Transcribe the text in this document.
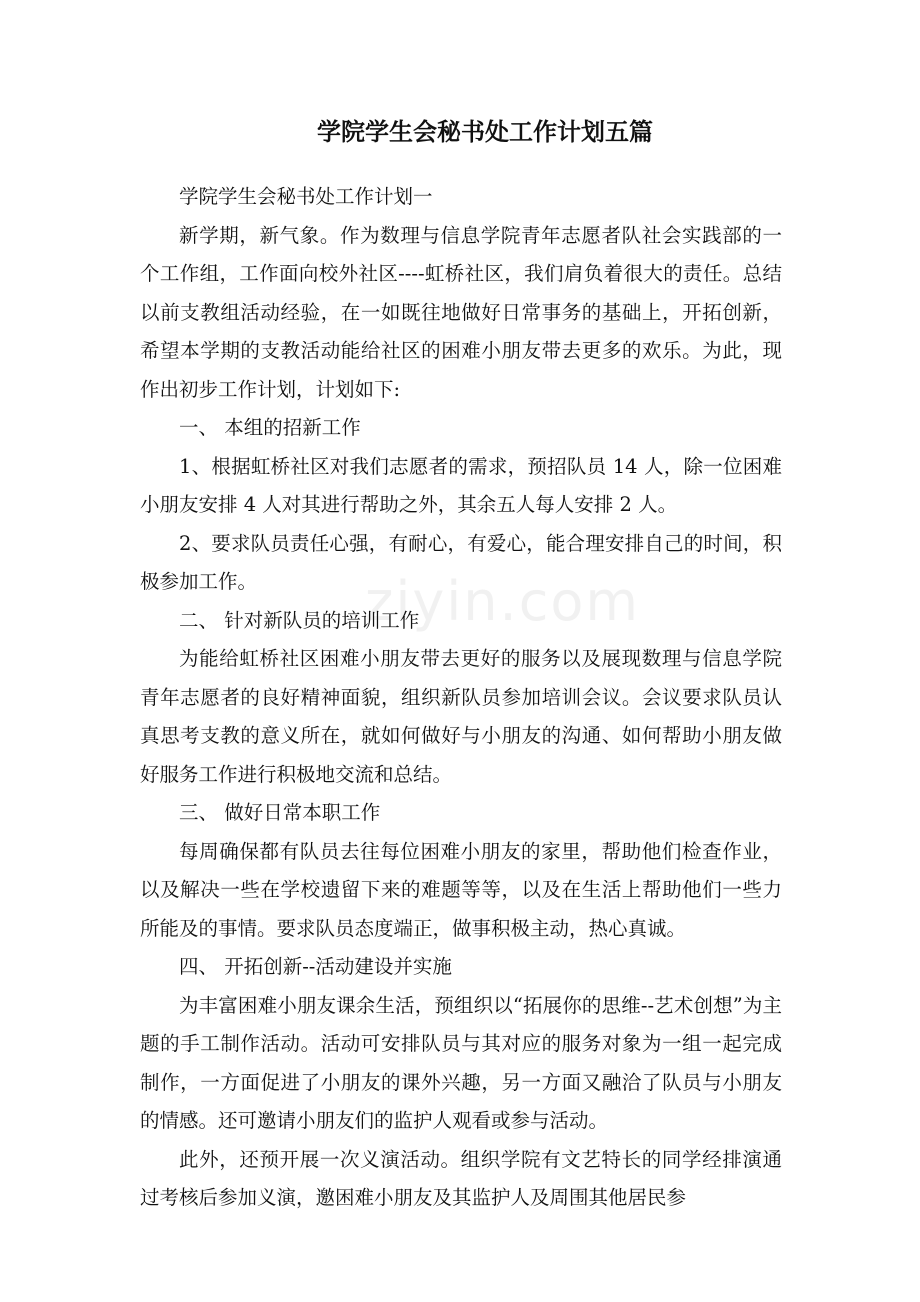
ziyin.com
学院学生会秘书处工作计划五篇

学院学生会秘书处工作计划一

新学期，新气象。作为数理与信息学院青年志愿者队社会实践部的一个工作组，工作面向校外社区----虹桥社区，我们肩负着很大的责任。总结以前支教组活动经验，在一如既往地做好日常事务的基础上，开拓创新，希望本学期的支教活动能给社区的困难小朋友带去更多的欢乐。为此，现作出初步工作计划，计划如下:

一、 本组的招新工作

1、根据虹桥社区对我们志愿者的需求，预招队员 14 人，除一位困难小朋友安排 4 人对其进行帮助之外，其余五人每人安排 2 人。

2、要求队员责任心强，有耐心，有爱心，能合理安排自己的时间，积极参加工作。

二、 针对新队员的培训工作

为能给虹桥社区困难小朋友带去更好的服务以及展现数理与信息学院青年志愿者的良好精神面貌，组织新队员参加培训会议。会议要求队员认真思考支教的意义所在，就如何做好与小朋友的沟通、如何帮助小朋友做好服务工作进行积极地交流和总结。

三、 做好日常本职工作

每周确保都有队员去往每位困难小朋友的家里，帮助他们检查作业，以及解决一些在学校遗留下来的难题等等，以及在生活上帮助他们一些力所能及的事情。要求队员态度端正，做事积极主动，热心真诚。

四、 开拓创新--活动建设并实施

为丰富困难小朋友课余生活，预组织以“拓展你的思维--艺术创想”为主题的手工制作活动。活动可安排队员与其对应的服务对象为一组一起完成制作，一方面促进了小朋友的课外兴趣，另一方面又融洽了队员与小朋友的情感。还可邀请小朋友们的监护人观看或参与活动。

此外，还预开展一次义演活动。组织学院有文艺特长的同学经排演通过考核后参加义演，邀困难小朋友及其监护人及周围其他居民参
